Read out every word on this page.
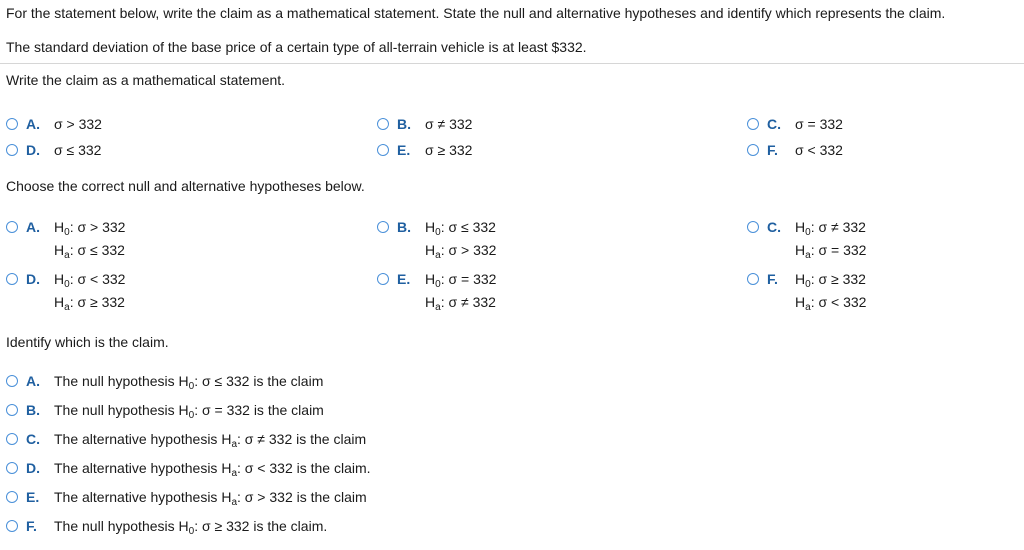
For the statement below, write the claim as a mathematical statement. State the null and alternative hypotheses and identify which represents the claim.
The standard deviation of the base price of a certain type of all-terrain vehicle is at least $332.
Write the claim as a mathematical statement.
Choose the correct null and alternative hypotheses below.
Identify which is the claim.
A. σ > 332	B. σ ≠ 332	C. σ = 332
D. σ ≤ 332	E. σ ≥ 332	F. σ < 332
A. $H_0$: σ > 332
$H_a$: σ ≤ 332
B. $H_0$: σ ≤ 332
$H_a$: σ > 332
C. $H_0$: σ ≠ 332
$H_a$: σ = 332
D. $H_0$: σ < 332
$H_a$: σ ≥ 332
E. $H_0$: σ = 332
$H_a$: σ ≠ 332
F. $H_0$: σ ≥ 332
$H_a$: σ < 332
A. The null hypothesis $H_0$: σ ≤ 332 is the claim
B. The null hypothesis $H_0$: σ = 332 is the claim
C. The alternative hypothesis $H_a$: σ ≠ 332 is the claim
D. The alternative hypothesis $H_a$: σ < 332 is the claim.
E. The alternative hypothesis $H_a$: σ > 332 is the claim
F. The null hypothesis $H_0$: σ ≥ 332 is the claim.
